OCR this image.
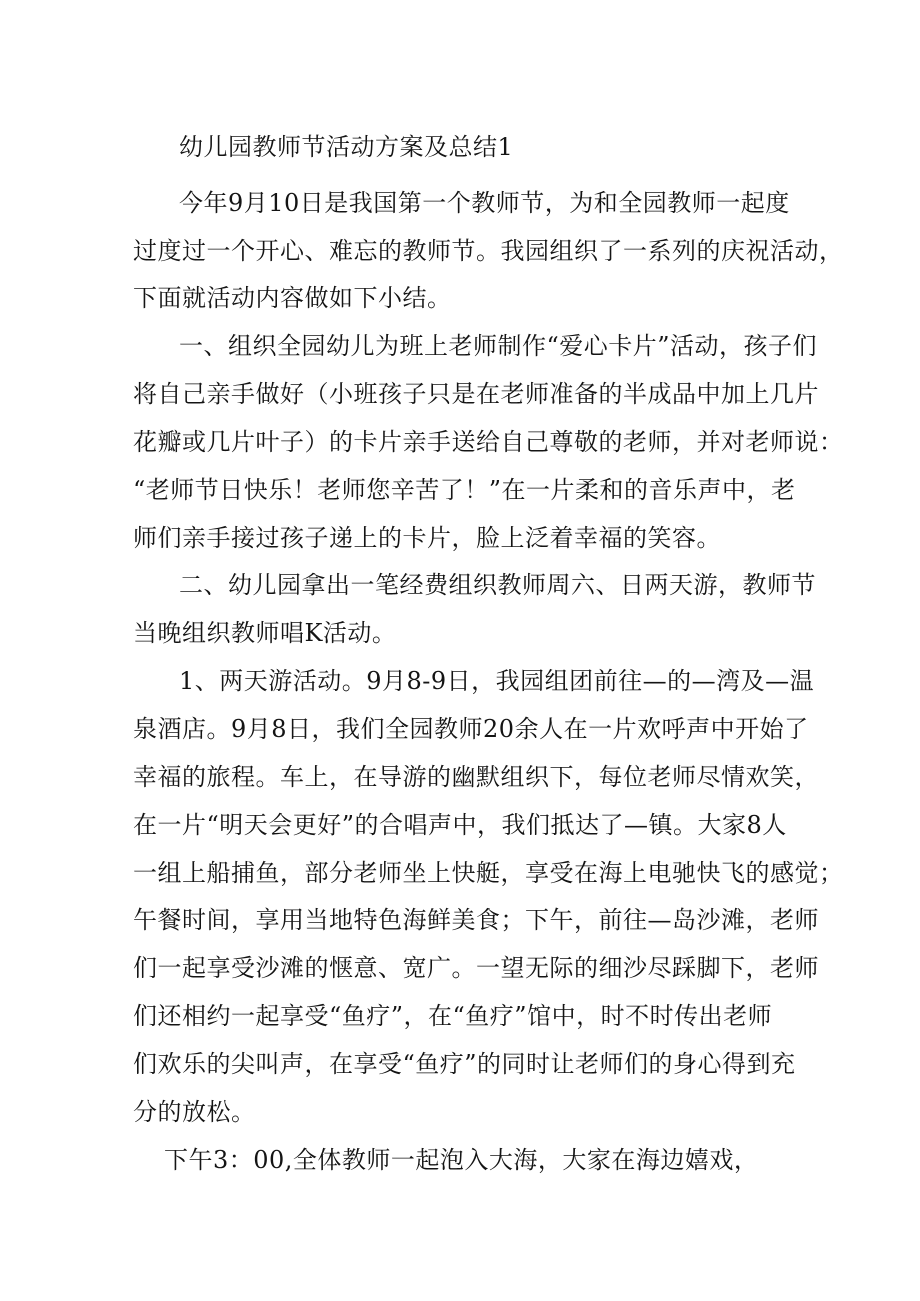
幼儿园教师节活动方案及总结1

今年9月10日是我国第一个教师节，为和全园教师一起度

过度过一个开心、难忘的教师节。我园组织了一系列的庆祝活动，

下面就活动内容做如下小结。

一、组织全园幼儿为班上老师制作“爱心卡片”活动，孩子们

将自己亲手做好（小班孩子只是在老师准备的半成品中加上几片

花瓣或几片叶子）的卡片亲手送给自己尊敬的老师，并对老师说：

“老师节日快乐！老师您辛苦了！”在一片柔和的音乐声中，老

师们亲手接过孩子递上的卡片，脸上泛着幸福的笑容。

二、幼儿园拿出一笔经费组织教师周六、日两天游，教师节

当晚组织教师唱K活动。

1、两天游活动。9月8-9日，我园组团前往—的—湾及—温

泉酒店。9月8日，我们全园教师20余人在一片欢呼声中开始了

幸福的旅程。车上，在导游的幽默组织下，每位老师尽情欢笑，

在一片“明天会更好”的合唱声中，我们抵达了—镇。大家8人

一组上船捕鱼，部分老师坐上快艇，享受在海上电驰快飞的感觉；

午餐时间，享用当地特色海鲜美食；下午，前往—岛沙滩，老师

们一起享受沙滩的惬意、宽广。一望无际的细沙尽踩脚下，老师

们还相约一起享受“鱼疗”，在“鱼疗”馆中，时不时传出老师

们欢乐的尖叫声，在享受“鱼疗”的同时让老师们的身心得到充

分的放松。

下午3：00,全体教师一起泡入大海，大家在海边嬉戏，
